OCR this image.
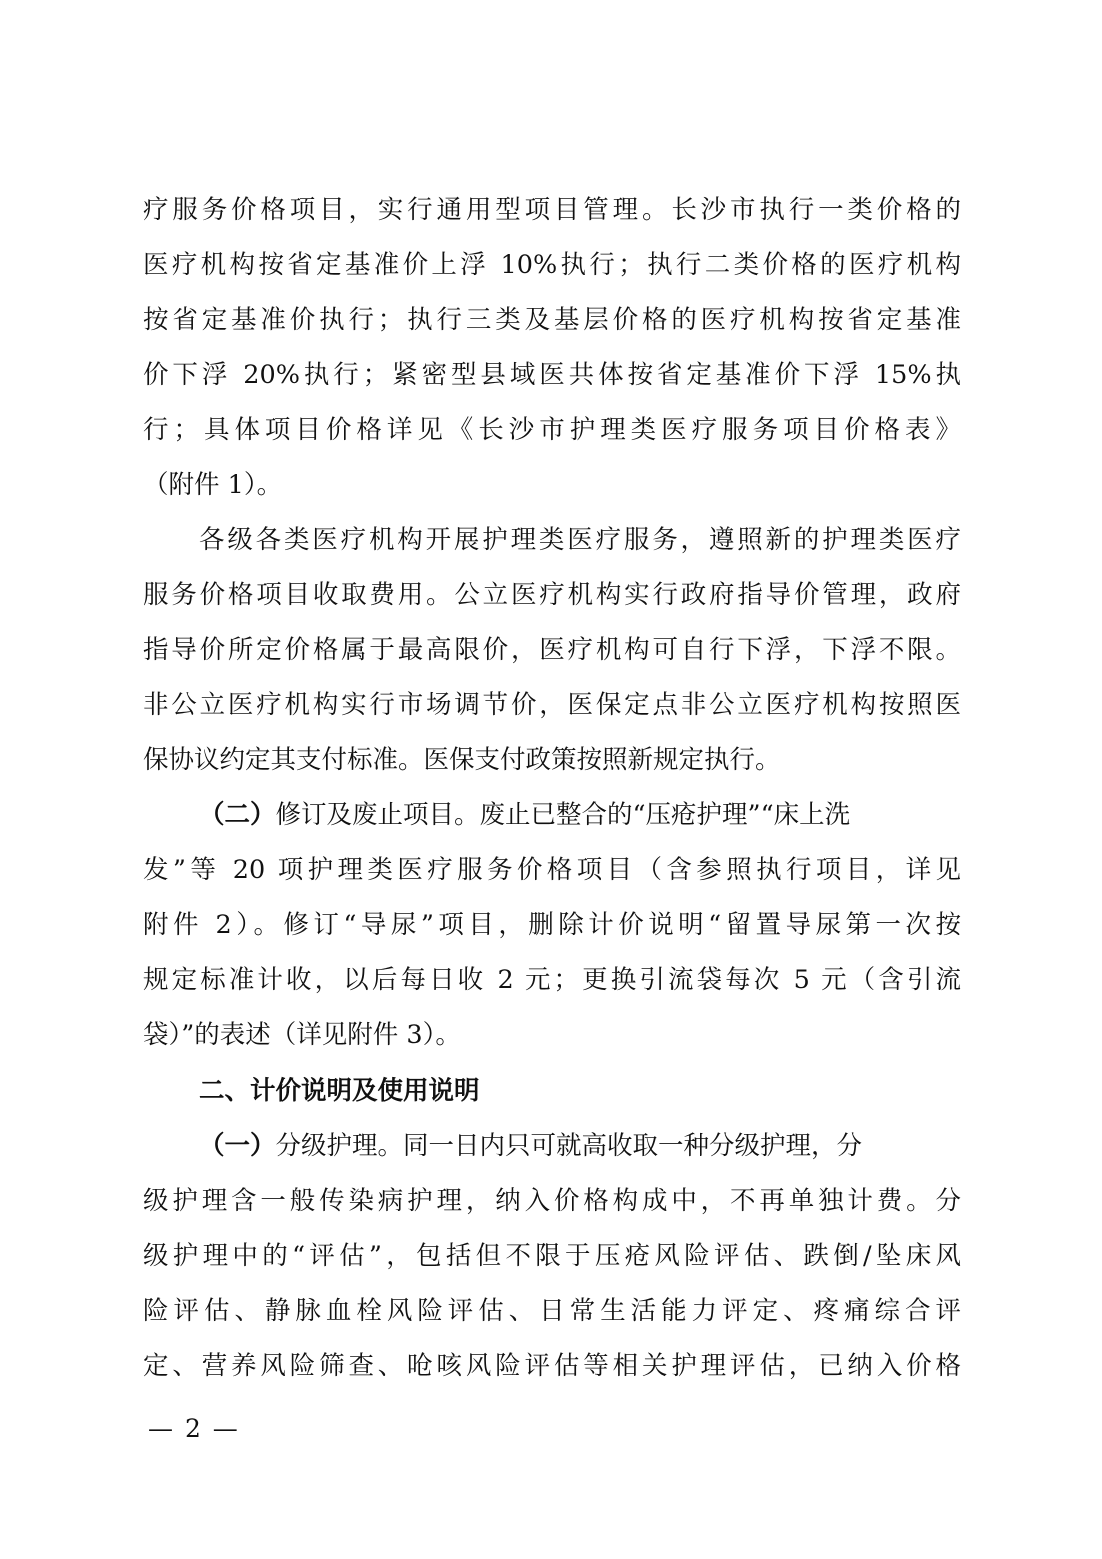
疗服务价格项目，实行通用型项目管理。长沙市执行一类价格的
医疗机构按省定基准价上浮 10%执行；执行二类价格的医疗机构
按省定基准价执行；执行三类及基层价格的医疗机构按省定基准
价下浮 20%执行；紧密型县域医共体按省定基准价下浮 15%执
行；具体项目价格详见《长沙市护理类医疗服务项目价格表》
（附件 1）。
各级各类医疗机构开展护理类医疗服务，遵照新的护理类医疗
服务价格项目收取费用。公立医疗机构实行政府指导价管理，政府
指导价所定价格属于最高限价，医疗机构可自行下浮，下浮不限。
非公立医疗机构实行市场调节价，医保定点非公立医疗机构按照医
保协议约定其支付标准。医保支付政策按照新规定执行。
（二）修订及废止项目。废止已整合的“压疮护理”“床上洗
发”等 20 项护理类医疗服务价格项目（含参照执行项目，详见
附件 2）。修订“导尿”项目，删除计价说明“留置导尿第一次按
规定标准计收，以后每日收 2 元；更换引流袋每次 5 元（含引流
袋）”的表述（详见附件 3）。
二、计价说明及使用说明
（一）分级护理。同一日内只可就高收取一种分级护理，分
级护理含一般传染病护理，纳入价格构成中，不再单独计费。分
级护理中的“评估”，包括但不限于压疮风险评估、跌倒/坠床风
险评估、静脉血栓风险评估、日常生活能力评定、疼痛综合评
定、营养风险筛查、呛咳风险评估等相关护理评估，已纳入价格
— 2 —
